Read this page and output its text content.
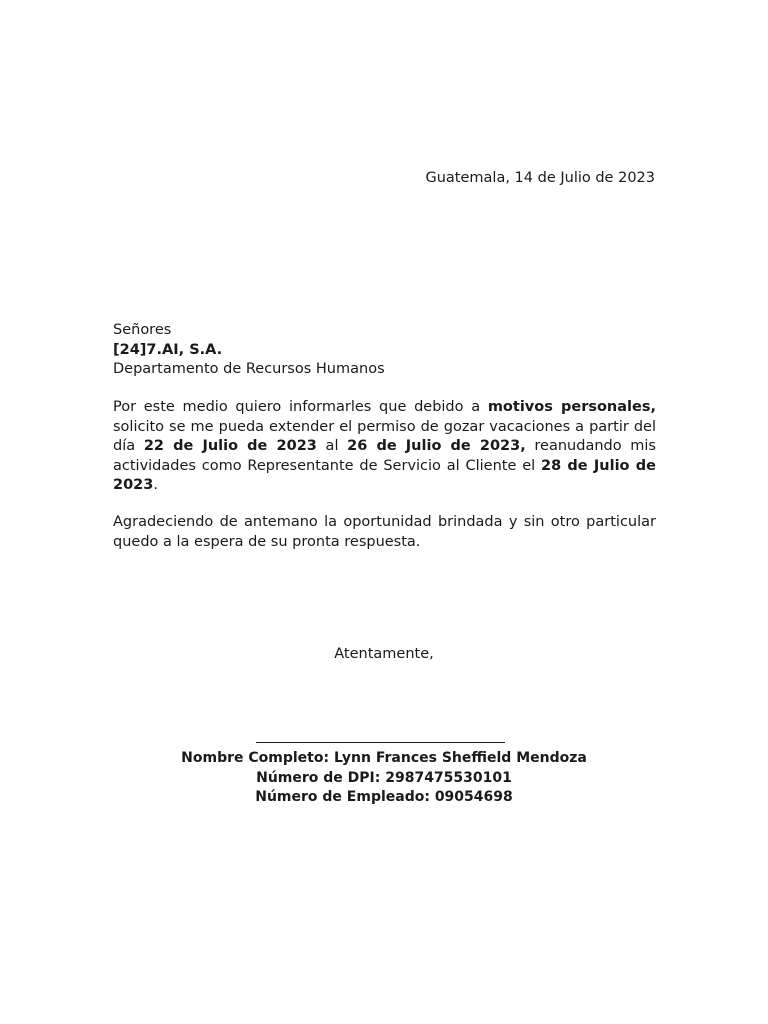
Guatemala, 14 de Julio de 2023
Señores
[24]7.AI, S.A.
Departamento de Recursos Humanos
Por este medio quiero informarles que debido a motivos personales, solicito se me pueda extender el permiso de gozar vacaciones a partir del día 22 de Julio de 2023 al 26 de Julio de 2023, reanudando mis actividades como Representante de Servicio al Cliente el 28 de Julio de 2023.
Agradeciendo de antemano la oportunidad brindada y sin otro particular quedo a la espera de su pronta respuesta.
Atentamente,
Nombre Completo: Lynn Frances Sheffield Mendoza
Número de DPI: 2987475530101
Número de Empleado: 09054698
